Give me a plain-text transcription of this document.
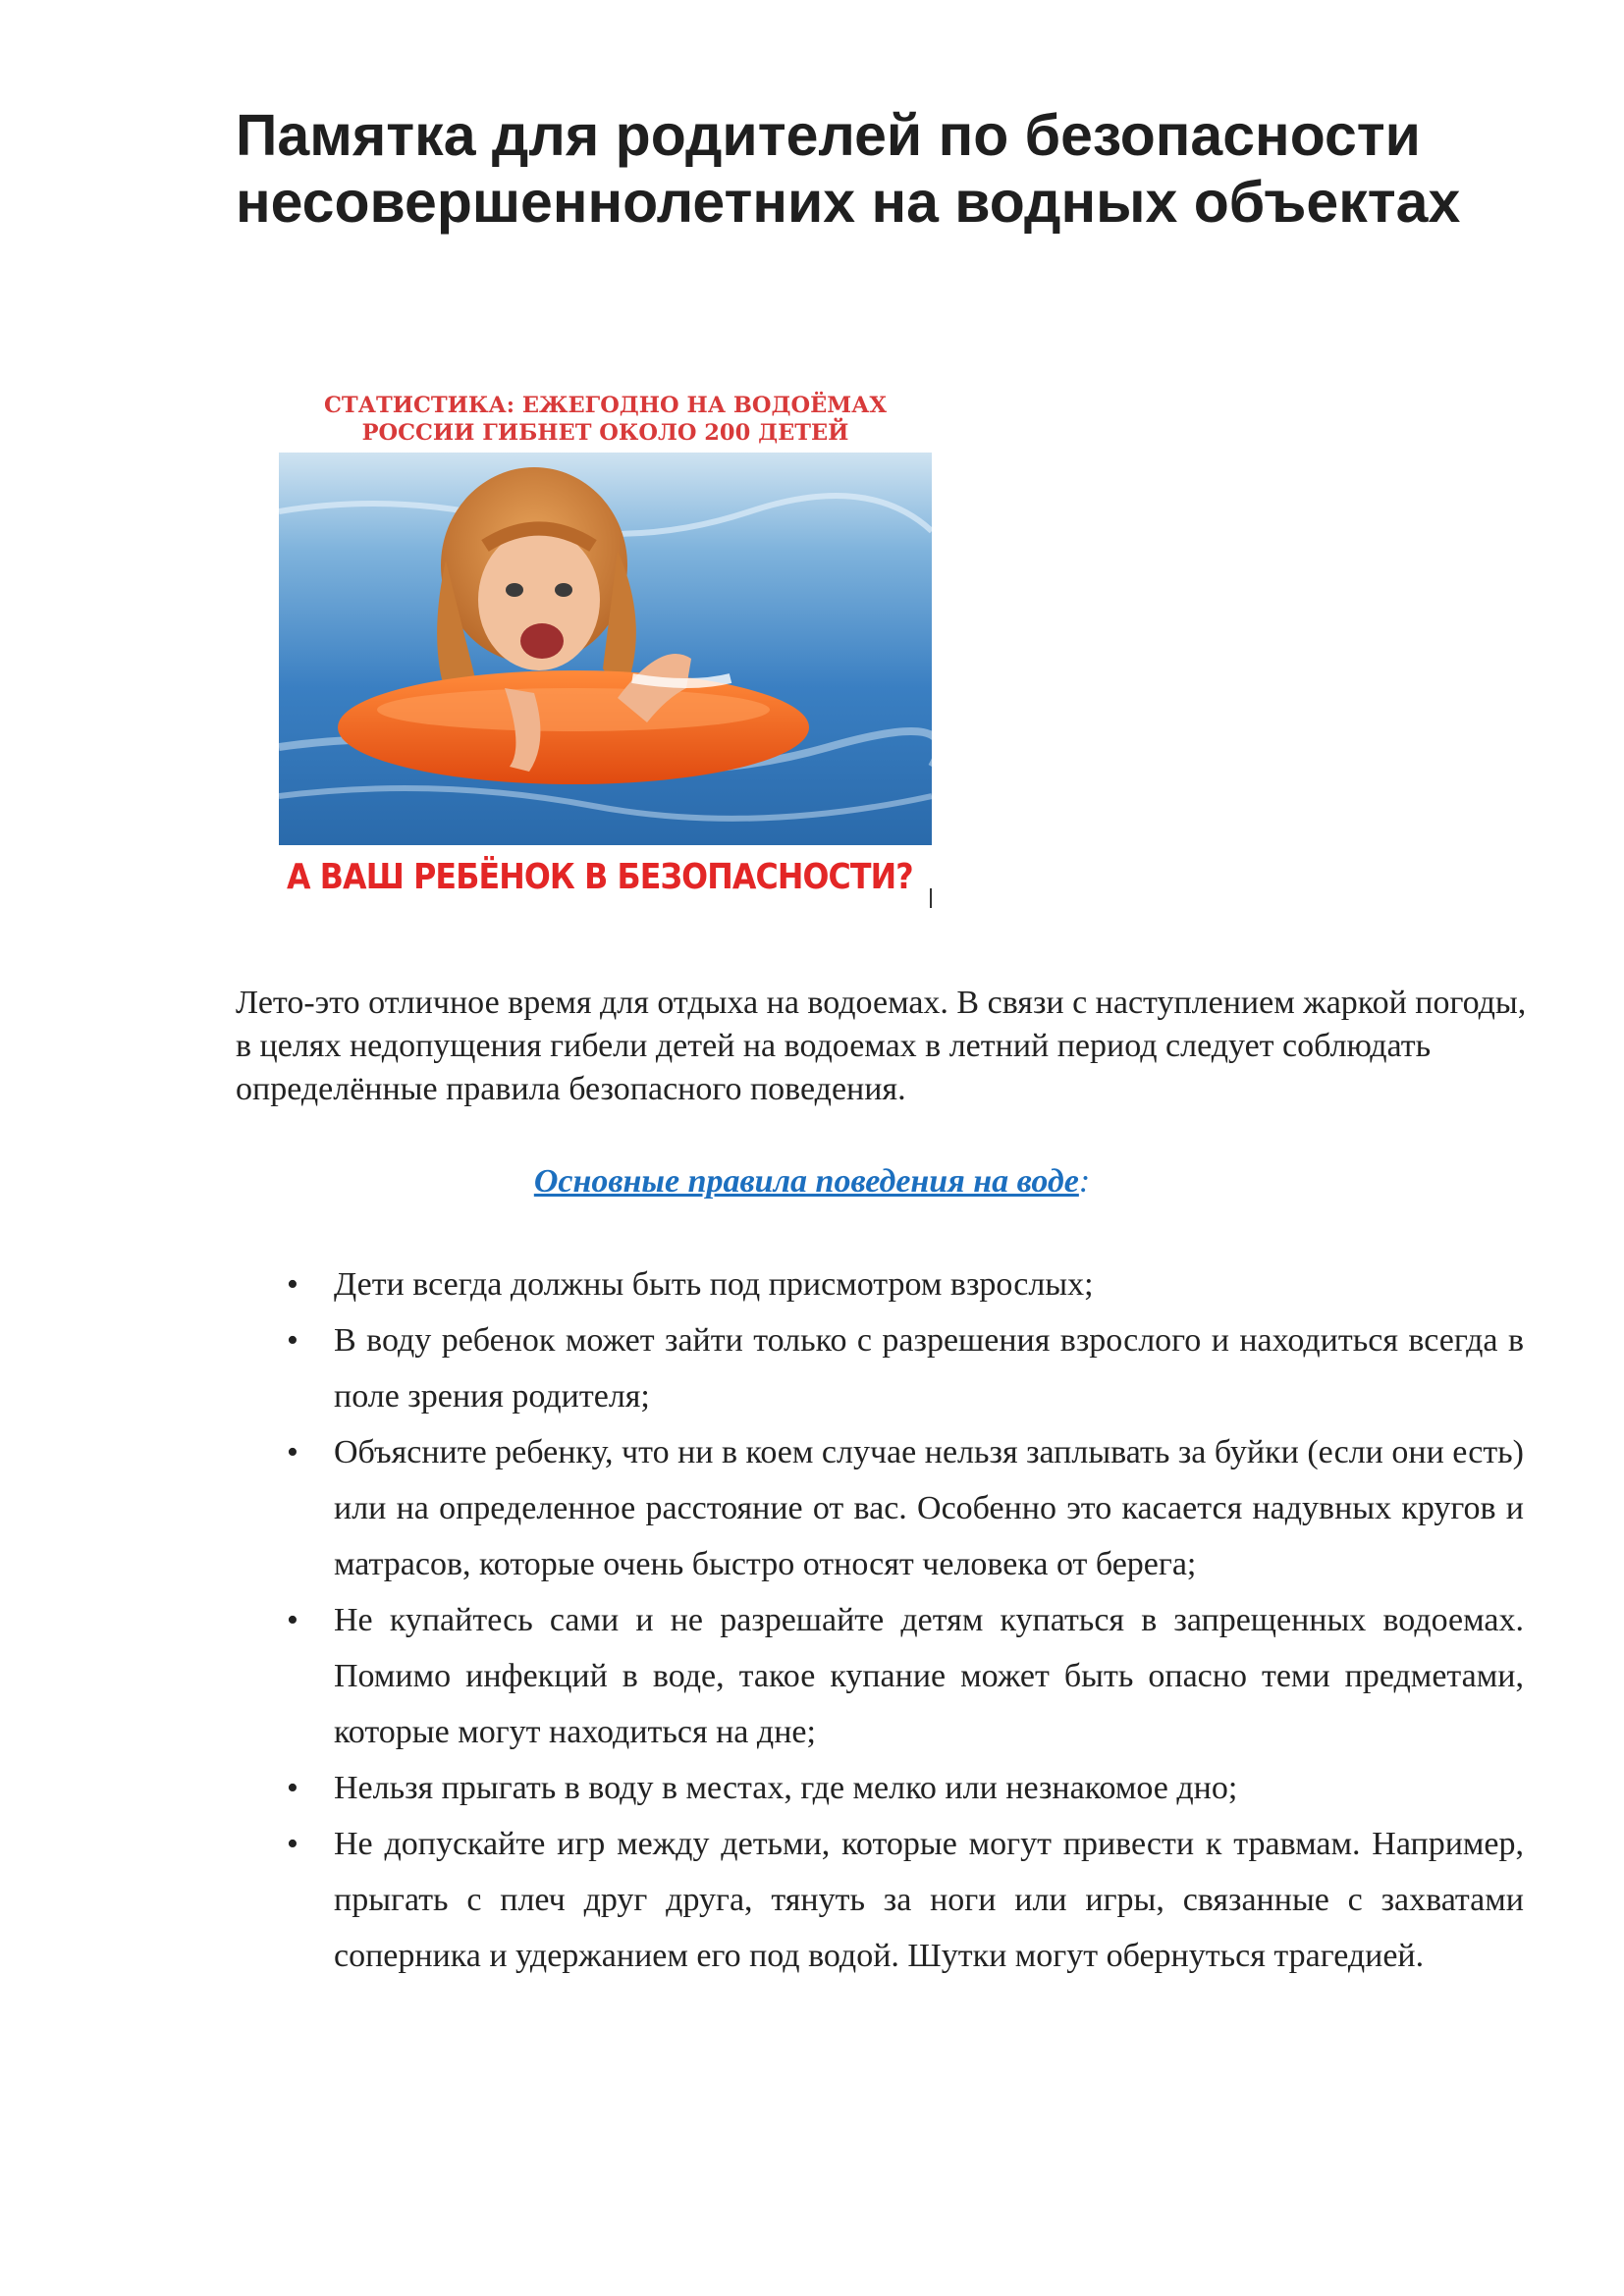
Памятка для родителей по безопасности несовершеннолетних на водных объектах
СТАТИСТИКА: ЕЖЕГОДНО НА ВОДОЁМАХ
РОССИИ ГИБНЕТ ОКОЛО 200 ДЕТЕЙ
А ВАШ РЕБЁНОК В БЕЗОПАСНОСТИ?

Лето-это отличное время для отдыха на водоемах. В связи с наступлением жаркой погоды, в целях недопущения гибели детей на водоемах в летний период следует соблюдать определённые правила безопасного поведения.

Основные правила поведения на воде:

• Дети всегда должны быть под присмотром взрослых;
• В воду ребенок может зайти только с разрешения взрослого и находиться всегда в поле зрения родителя;
• Объясните ребенку, что ни в коем случае нельзя заплывать за буйки (если они есть) или на определенное расстояние от вас. Особенно это касается надувных кругов и матрасов, которые очень быстро относят человека от берега;
• Не купайтесь сами и не разрешайте детям купаться в запрещенных водоемах. Помимо инфекций в воде, такое купание может быть опасно теми предметами, которые могут находиться на дне;
• Нельзя прыгать в воду в местах, где мелко или незнакомое дно;
• Не допускайте игр между детьми, которые могут привести к травмам. Например, прыгать с плеч друг друга, тянуть за ноги или игры, связанные с захватами соперника и удержанием его под водой. Шутки могут обернуться трагедией.
